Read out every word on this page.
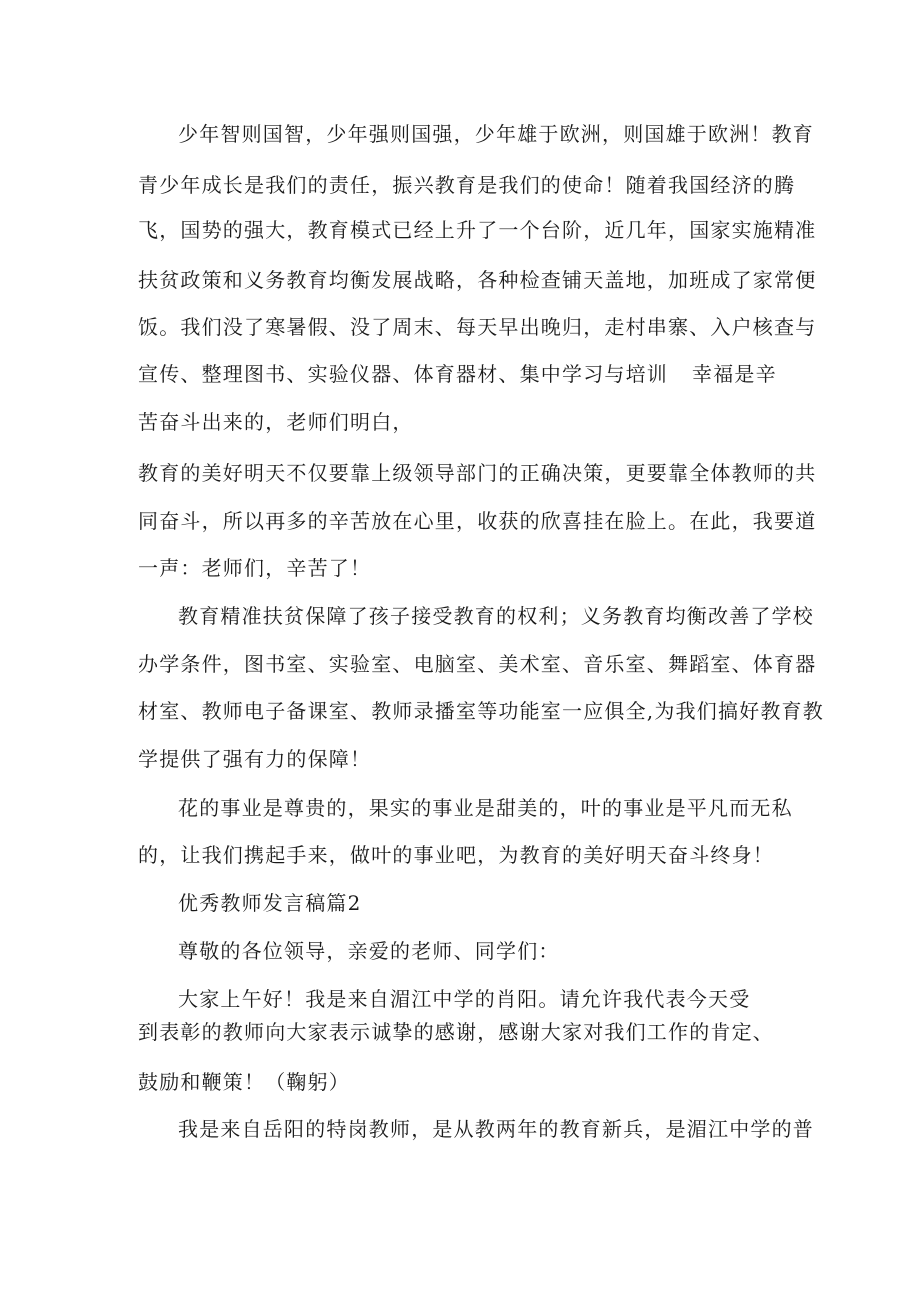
少年智则国智，少年强则国强，少年雄于欧洲，则国雄于欧洲！教育
青少年成长是我们的责任，振兴教育是我们的使命！随着我国经济的腾
飞，国势的强大，教育模式已经上升了一个台阶，近几年，国家实施精准
扶贫政策和义务教育均衡发展战略，各种检查铺天盖地，加班成了家常便
饭。我们没了寒暑假、没了周末、每天早出晚归，走村串寨、入户核查与
宣传、整理图书、实验仪器、体育器材、集中学习与培训 幸福是辛
苦奋斗出来的，老师们明白，
教育的美好明天不仅要靠上级领导部门的正确决策，更要靠全体教师的共
同奋斗，所以再多的辛苦放在心里，收获的欣喜挂在脸上。在此，我要道
一声：老师们，辛苦了！
教育精准扶贫保障了孩子接受教育的权利；义务教育均衡改善了学校
办学条件，图书室、实验室、电脑室、美术室、音乐室、舞蹈室、体育器
材室、教师电子备课室、教师录播室等功能室一应俱全,为我们搞好教育教
学提供了强有力的保障！
花的事业是尊贵的，果实的事业是甜美的，叶的事业是平凡而无私
的，让我们携起手来，做叶的事业吧，为教育的美好明天奋斗终身！
优秀教师发言稿篇2
尊敬的各位领导，亲爱的老师、同学们：
大家上午好！我是来自湄江中学的肖阳。请允许我代表今天受
到表彰的教师向大家表示诚挚的感谢，感谢大家对我们工作的肯定、
鼓励和鞭策！（鞠躬）
我是来自岳阳的特岗教师，是从教两年的教育新兵，是湄江中学的普
